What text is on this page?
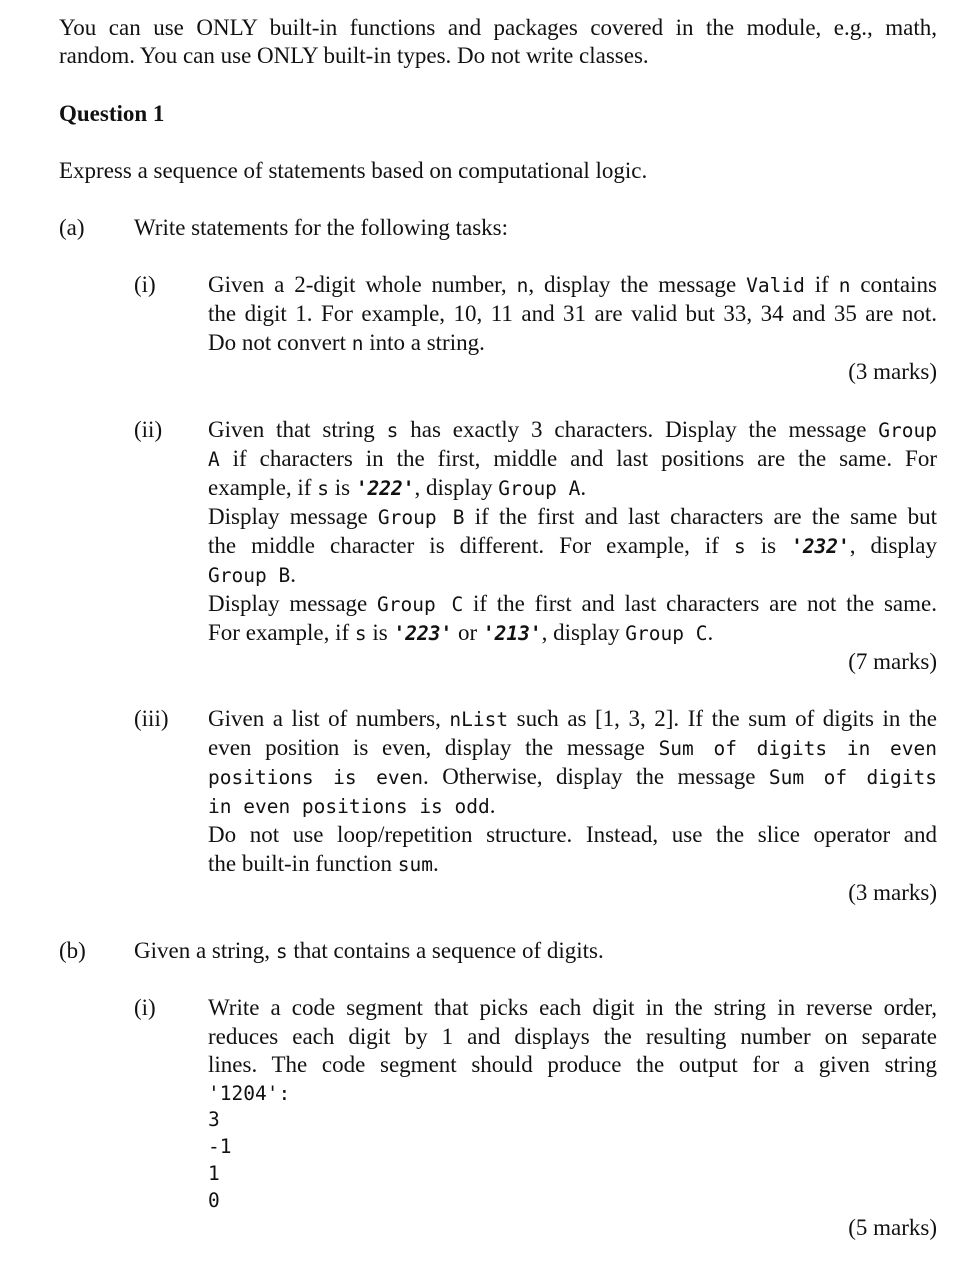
You can use ONLY built-in functions and packages covered in the module, e.g., math,
random. You can use ONLY built-in types. Do not write classes.
Question 1
Express a sequence of statements based on computational logic.
(a) Write statements for the following tasks:
(i) Given a 2-digit whole number, n, display the message Valid if n contains
the digit 1. For example, 10, 11 and 31 are valid but 33, 34 and 35 are not.
Do not convert n into a string.
(3 marks)
(ii) Given that string s has exactly 3 characters. Display the message Group
A if characters in the first, middle and last positions are the same. For
example, if s is '222', display Group A.
Display message Group B if the first and last characters are the same but
the middle character is different. For example, if s is '232', display
Group B.
Display message Group C if the first and last characters are not the same.
For example, if s is '223' or '213', display Group C.
(7 marks)
(iii) Given a list of numbers, nList such as [1, 3, 2]. If the sum of digits in the
even position is even, display the message Sum of digits in even
positions is even. Otherwise, display the message Sum of digits
in even positions is odd.
Do not use loop/repetition structure. Instead, use the slice operator and
the built-in function sum.
(3 marks)
(b) Given a string, s that contains a sequence of digits.
(i) Write a code segment that picks each digit in the string in reverse order,
reduces each digit by 1 and displays the resulting number on separate
lines. The code segment should produce the output for a given string
'1204':
3
-1
1
0
(5 marks)
